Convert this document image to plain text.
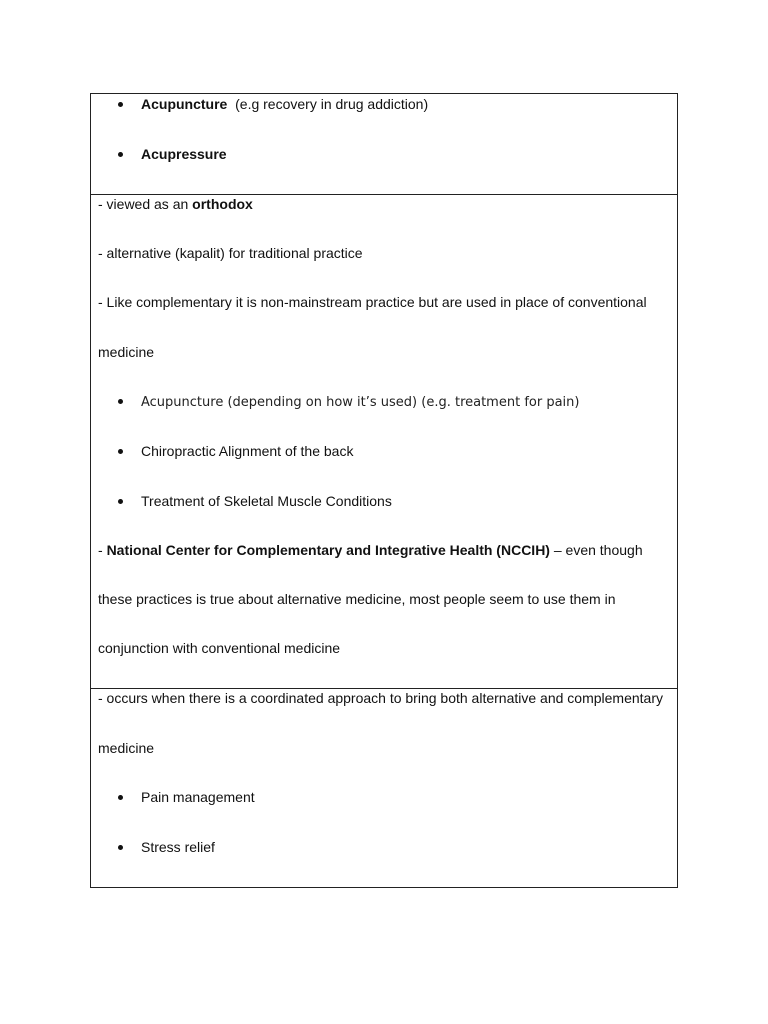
Acupuncture  (e.g recovery in drug addiction)
Acupressure
- viewed as an orthodox
- alternative (kapalit) for traditional practice
- Like complementary it is non-mainstream practice but are used in place of conventional
medicine
Acupuncture (depending on how it’s used) (e.g. treatment for pain)
Chiropractic Alignment of the back
Treatment of Skeletal Muscle Conditions
- National Center for Complementary and Integrative Health (NCCIH) – even though
these practices is true about alternative medicine, most people seem to use them in
conjunction with conventional medicine
- occurs when there is a coordinated approach to bring both alternative and complementary
medicine
Pain management
Stress relief
